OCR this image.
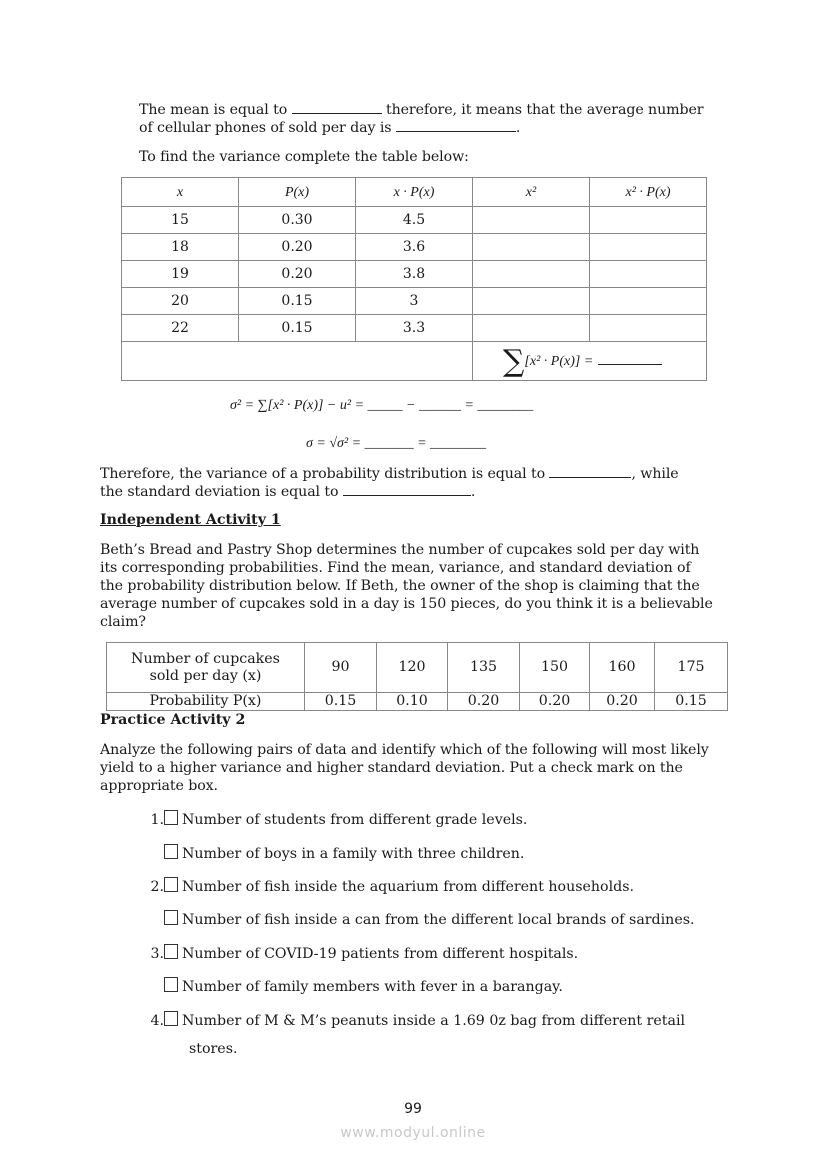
The mean is equal to	therefore, it means that the average number
of cellular phones of sold per day is	.
To find the variance complete the table below:
x	P(x)	x · P(x)	x²	x² · P(x)
15	0.30	4.5		
18	0.20	3.6		
19	0.20	3.8		
20	0.15	3		
22	0.15	3.3		
			∑[x² · P(x)] =	
σ² = ∑[x² · P(x)] − u² = _____ − ______ = ________
σ = √σ² = _______ = ________
Therefore, the variance of a probability distribution is equal to	, while
the standard deviation is equal to	.
Independent Activity 1
Beth’s Bread and Pastry Shop determines the number of cupcakes sold per day with
its corresponding probabilities. Find the mean, variance, and standard deviation of
the probability distribution below. If Beth, the owner of the shop is claiming that the
average number of cupcakes sold in a day is 150 pieces, do you think it is a believable
claim?
Number of cupcakes
sold per day (x)	90	120	135	150	160	175
Probability P(x)	0.15	0.10	0.20	0.20	0.20	0.15
Practice Activity 2
Analyze the following pairs of data and identify which of the following will most likely
yield to a higher variance and higher standard deviation. Put a check mark on the
appropriate box.
1. Number of students from different grade levels.
Number of boys in a family with three children.
2. Number of fish inside the aquarium from different households.
Number of fish inside a can from the different local brands of sardines.
3. Number of COVID-19 patients from different hospitals.
Number of family members with fever in a barangay.
4. Number of M & M’s peanuts inside a 1.69 0z bag from different retail
stores.
99
www.modyul.online
